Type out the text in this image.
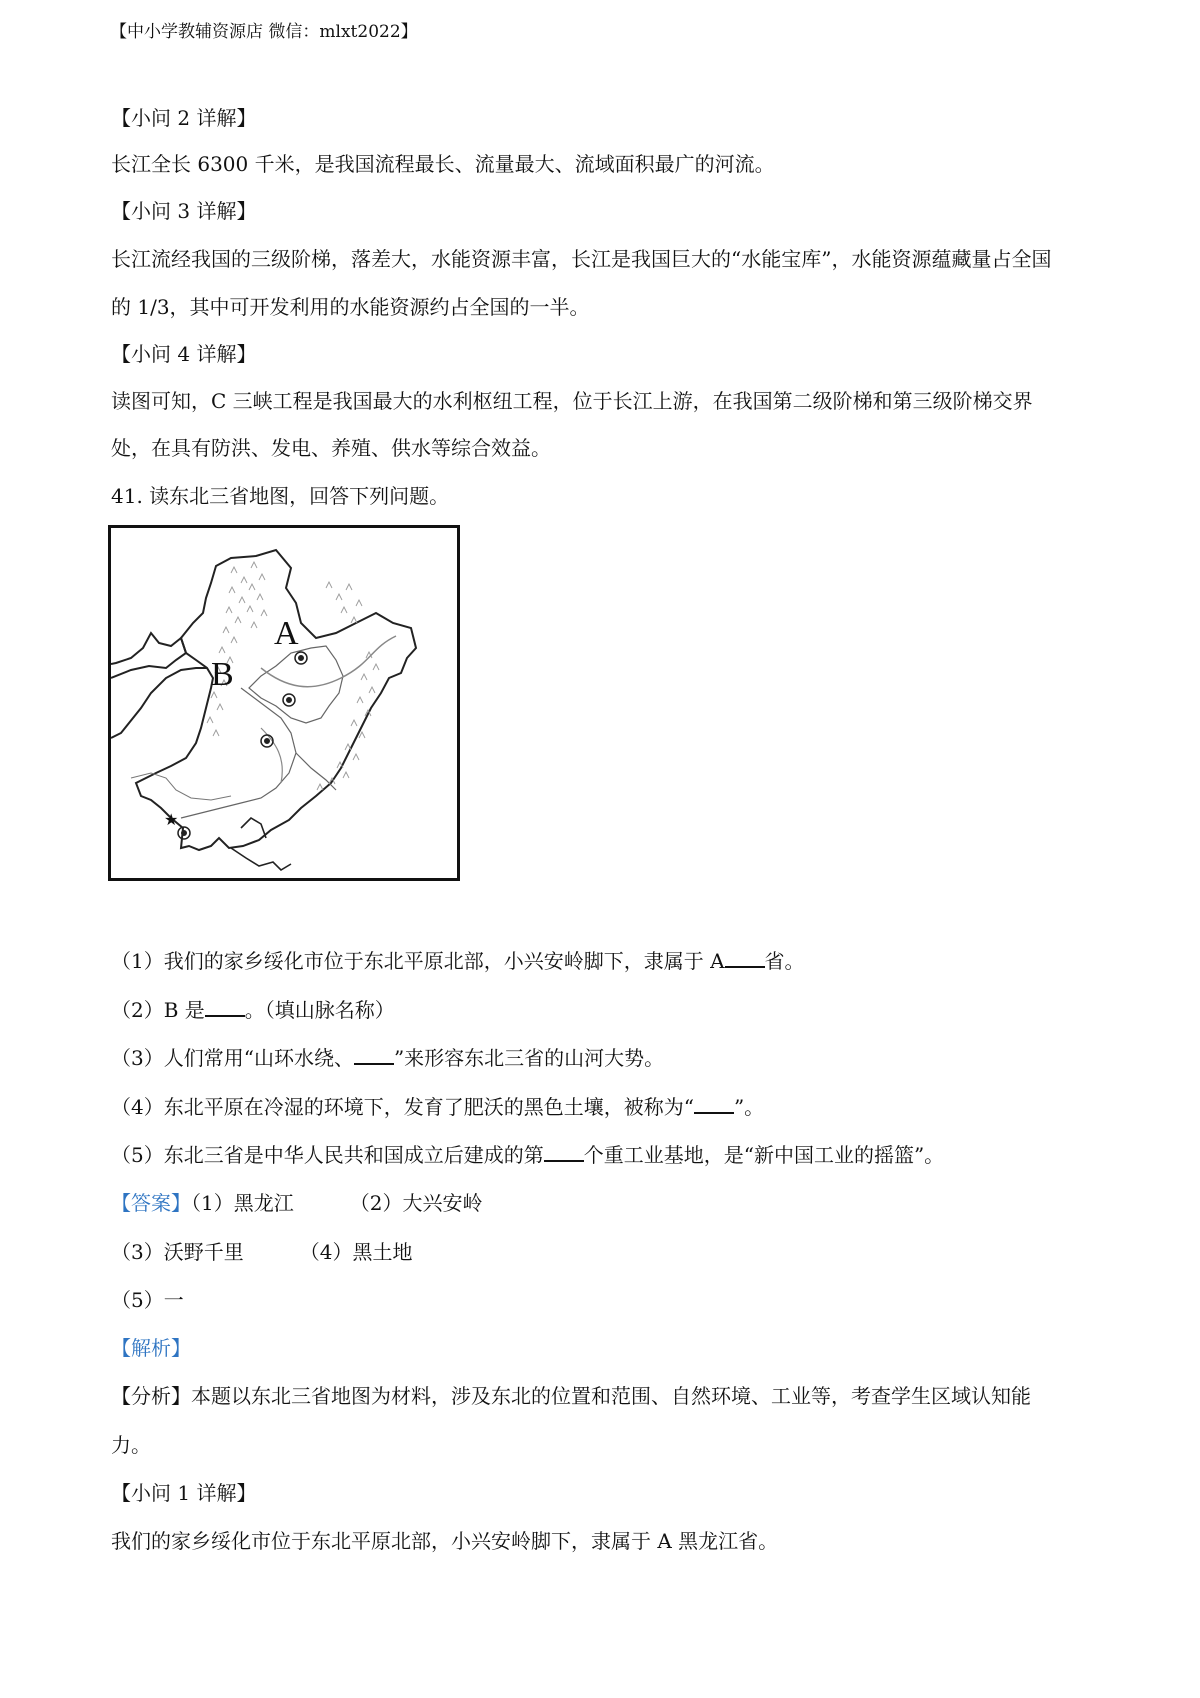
【中小学教辅资源店 微信：mlxt2022】
【小问 2 详解】
长江全长 6300 千米，是我国流程最长、流量最大、流域面积最广的河流。
【小问 3 详解】
长江流经我国的三级阶梯，落差大，水能资源丰富，长江是我国巨大的“水能宝库”，水能资源蕴藏量占全国
的 1/3，其中可开发利用的水能资源约占全国的一半。
【小问 4 详解】
读图可知，C 三峡工程是我国最大的水利枢纽工程，位于长江上游，在我国第二级阶梯和第三级阶梯交界
处，在具有防洪、发电、养殖、供水等综合效益。
41. 读东北三省地图，回答下列问题。
A
B
★
（1）我们的家乡绥化市位于东北平原北部，小兴安岭脚下，隶属于 A 省。
（2）B 是 。（填山脉名称）
（3）人们常用“山环水绕、 ”来形容东北三省的山河大势。
（4）东北平原在冷湿的环境下，发育了肥沃的黑色土壤，被称为“ ”。
（5）东北三省是中华人民共和国成立后建成的第 个重工业基地，是“新中国工业的摇篮”。
【答案】（1）黑龙江	（2）大兴安岭
（3）沃野千里	（4）黑土地
（5）一
【解析】
【分析】本题以东北三省地图为材料，涉及东北的位置和范围、自然环境、工业等，考查学生区域认知能
力。
【小问 1 详解】
我们的家乡绥化市位于东北平原北部，小兴安岭脚下，隶属于 A 黑龙江省。
